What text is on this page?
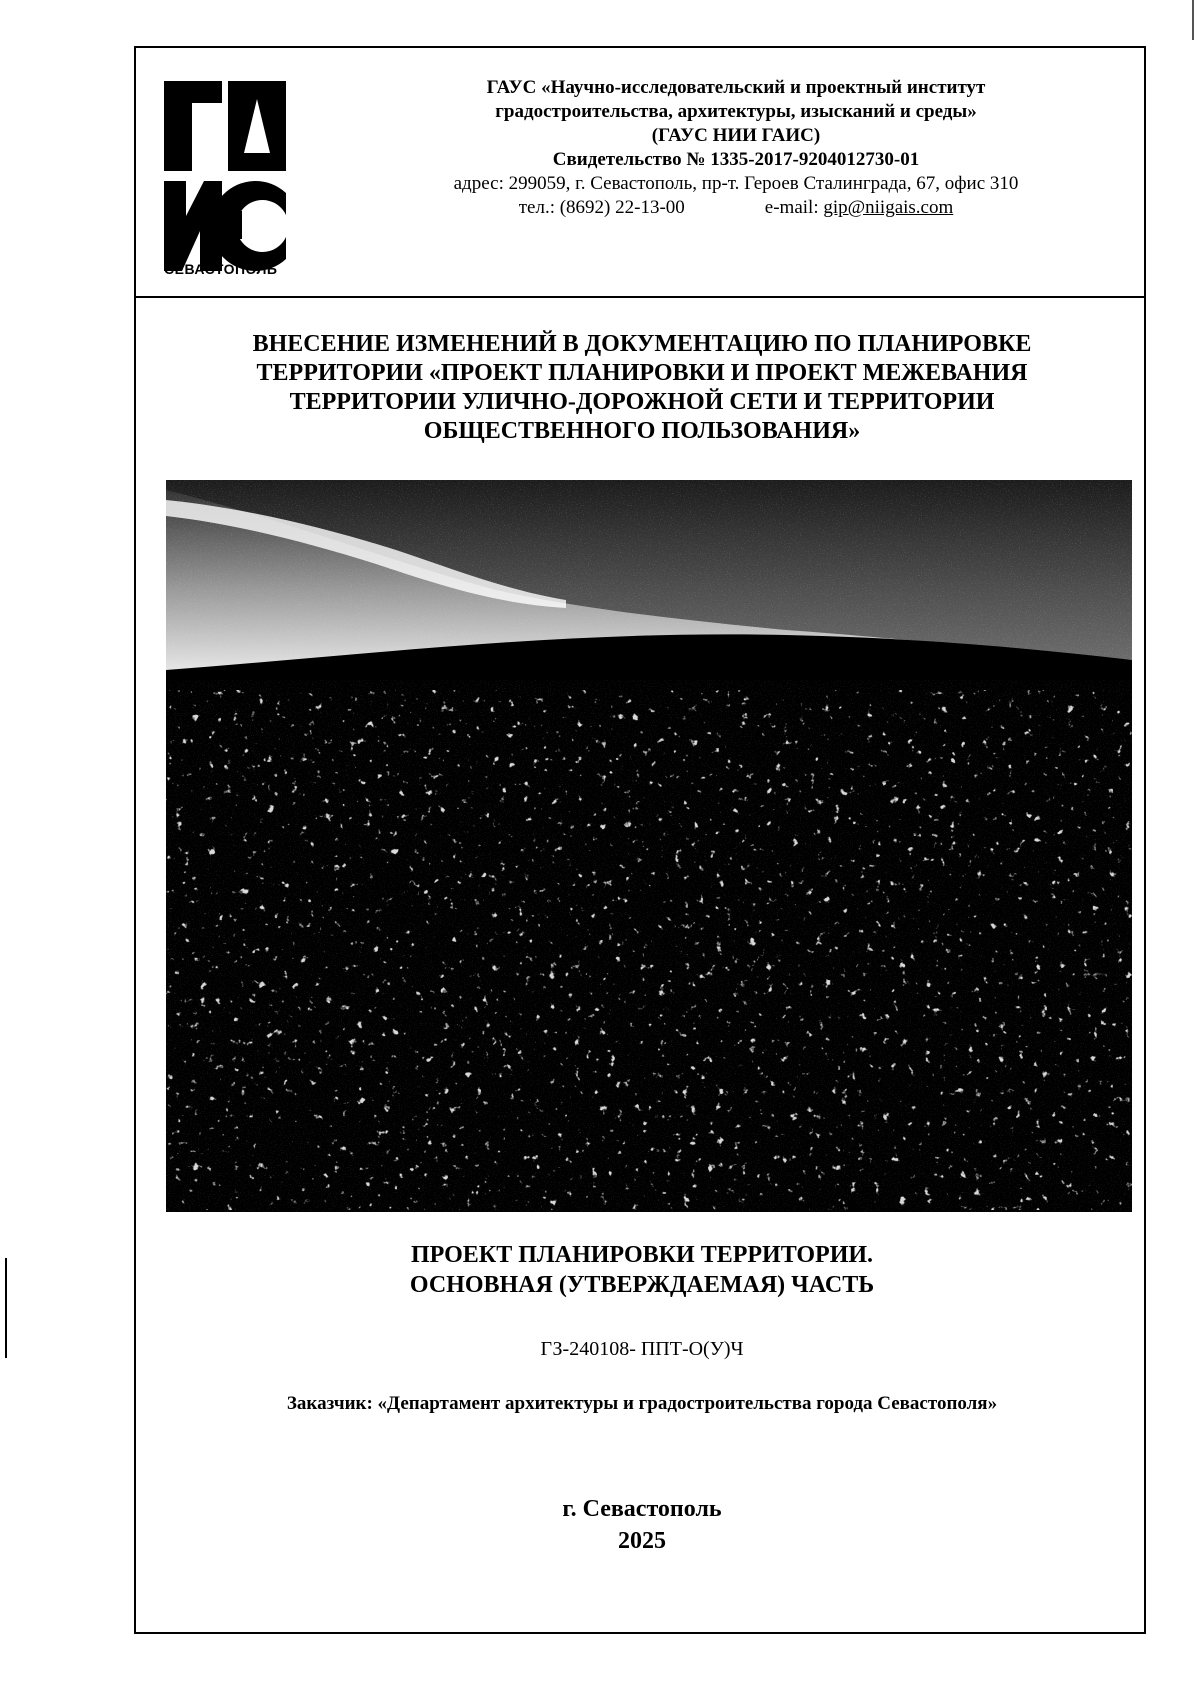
СЕВАСТОПОЛЬ
ГАУС «Научно-исследовательский и проектный институт
градостроительства, архитектуры, изысканий и среды»
(ГАУС НИИ ГАИС)
Свидетельство № 1335-2017-9204012730-01
адрес: 299059, г. Севастополь, пр-т. Героев Сталинграда, 67, офис 310
тел.: (8692) 22-13-00	e-mail: gip@niigais.com
ВНЕСЕНИЕ ИЗМЕНЕНИЙ В ДОКУМЕНТАЦИЮ ПО ПЛАНИРОВКЕ
ТЕРРИТОРИИ «ПРОЕКТ ПЛАНИРОВКИ И ПРОЕКТ МЕЖЕВАНИЯ
ТЕРРИТОРИИ УЛИЧНО-ДОРОЖНОЙ СЕТИ И ТЕРРИТОРИИ
ОБЩЕСТВЕННОГО ПОЛЬЗОВАНИЯ»
ПРОЕКТ ПЛАНИРОВКИ ТЕРРИТОРИИ.
ОСНОВНАЯ (УТВЕРЖДАЕМАЯ) ЧАСТЬ
ГЗ-240108- ППТ-О(У)Ч
Заказчик: «Департамент архитектуры и градостроительства города Севастополя»
г. Севастополь
2025
